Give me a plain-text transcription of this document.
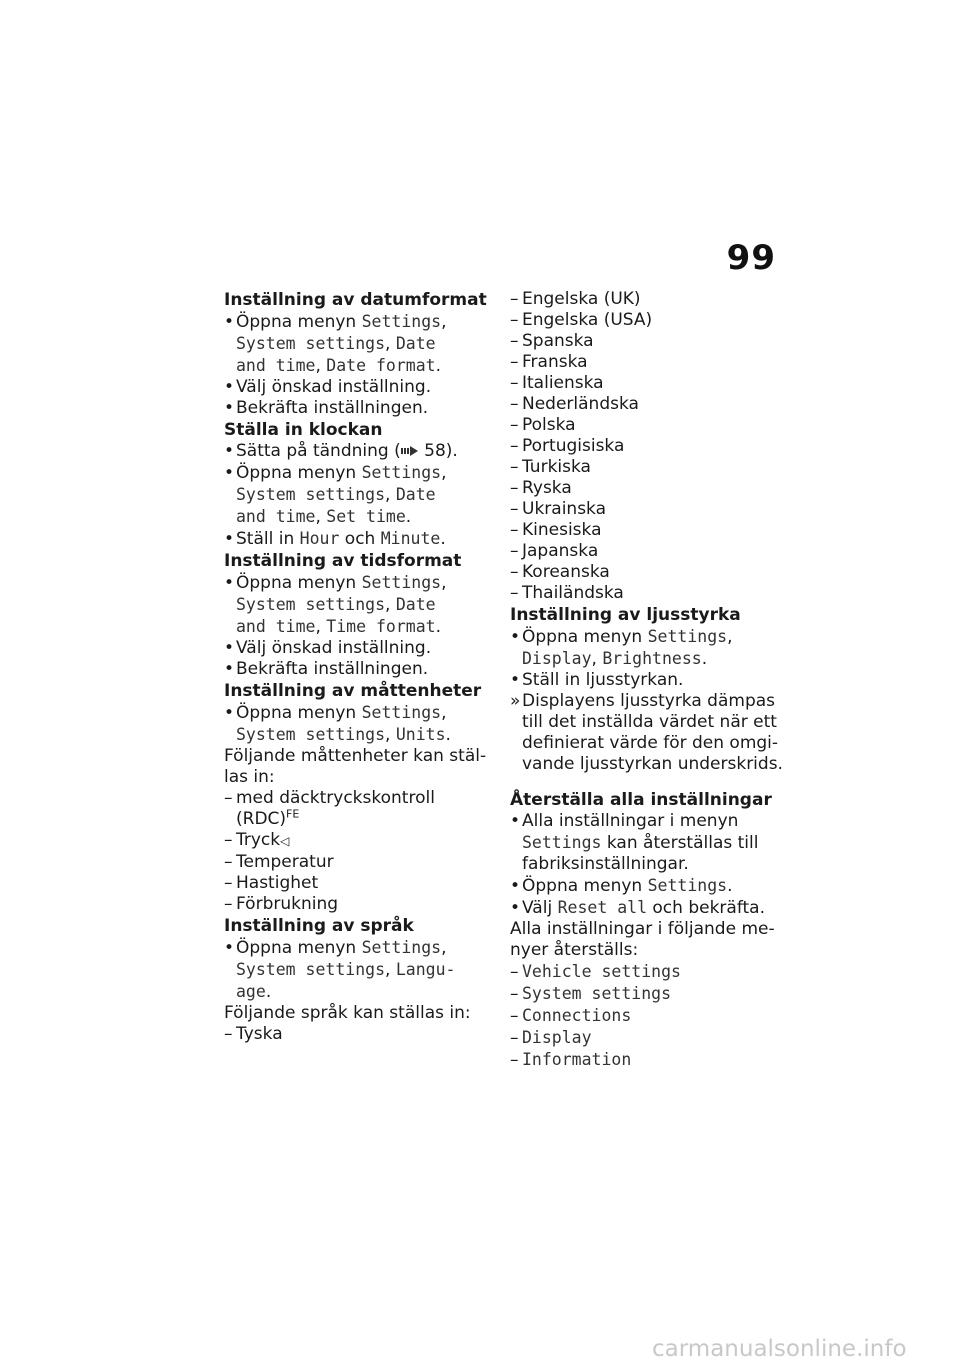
99
Inställning av datumformat
• Öppna menyn Settings,
System settings, Date
and time, Date format.
• Välj önskad inställning.
• Bekräfta inställningen.
Ställa in klockan
• Sätta på tändning ( 58).
• Öppna menyn Settings,
System settings, Date
and time, Set time.
• Ställ in Hour och Minute.
Inställning av tidsformat
• Öppna menyn Settings,
System settings, Date
and time, Time format.
• Välj önskad inställning.
• Bekräfta inställningen.
Inställning av måttenheter
• Öppna menyn Settings,
System settings, Units.
Följande måttenheter kan stäl-
las in:
– med däcktryckskontroll
(RDC)$^{FE}$
– Tryck◁
– Temperatur
– Hastighet
– Förbrukning
Inställning av språk
• Öppna menyn Settings,
System settings, Langu-
age.
Följande språk kan ställas in:
– Tyska
– Engelska (UK)
– Engelska (USA)
– Spanska
– Franska
– Italienska
– Nederländska
– Polska
– Portugisiska
– Turkiska
– Ryska
– Ukrainska
– Kinesiska
– Japanska
– Koreanska
– Thailändska
Inställning av ljusstyrka
• Öppna menyn Settings,
Display, Brightness.
• Ställ in ljusstyrkan.
»Displayens ljusstyrka dämpas
till det inställda värdet när ett
definierat värde för den omgi-
vande ljusstyrkan underskrids.
Återställa alla inställningar
• Alla inställningar i menyn
Settings kan återställas till
fabriksinställningar.
• Öppna menyn Settings.
• Välj Reset all och bekräfta.
Alla inställningar i följande me-
nyer återställs:
– Vehicle settings
– System settings
– Connections
– Display
– Information
carmanualsonline.info
